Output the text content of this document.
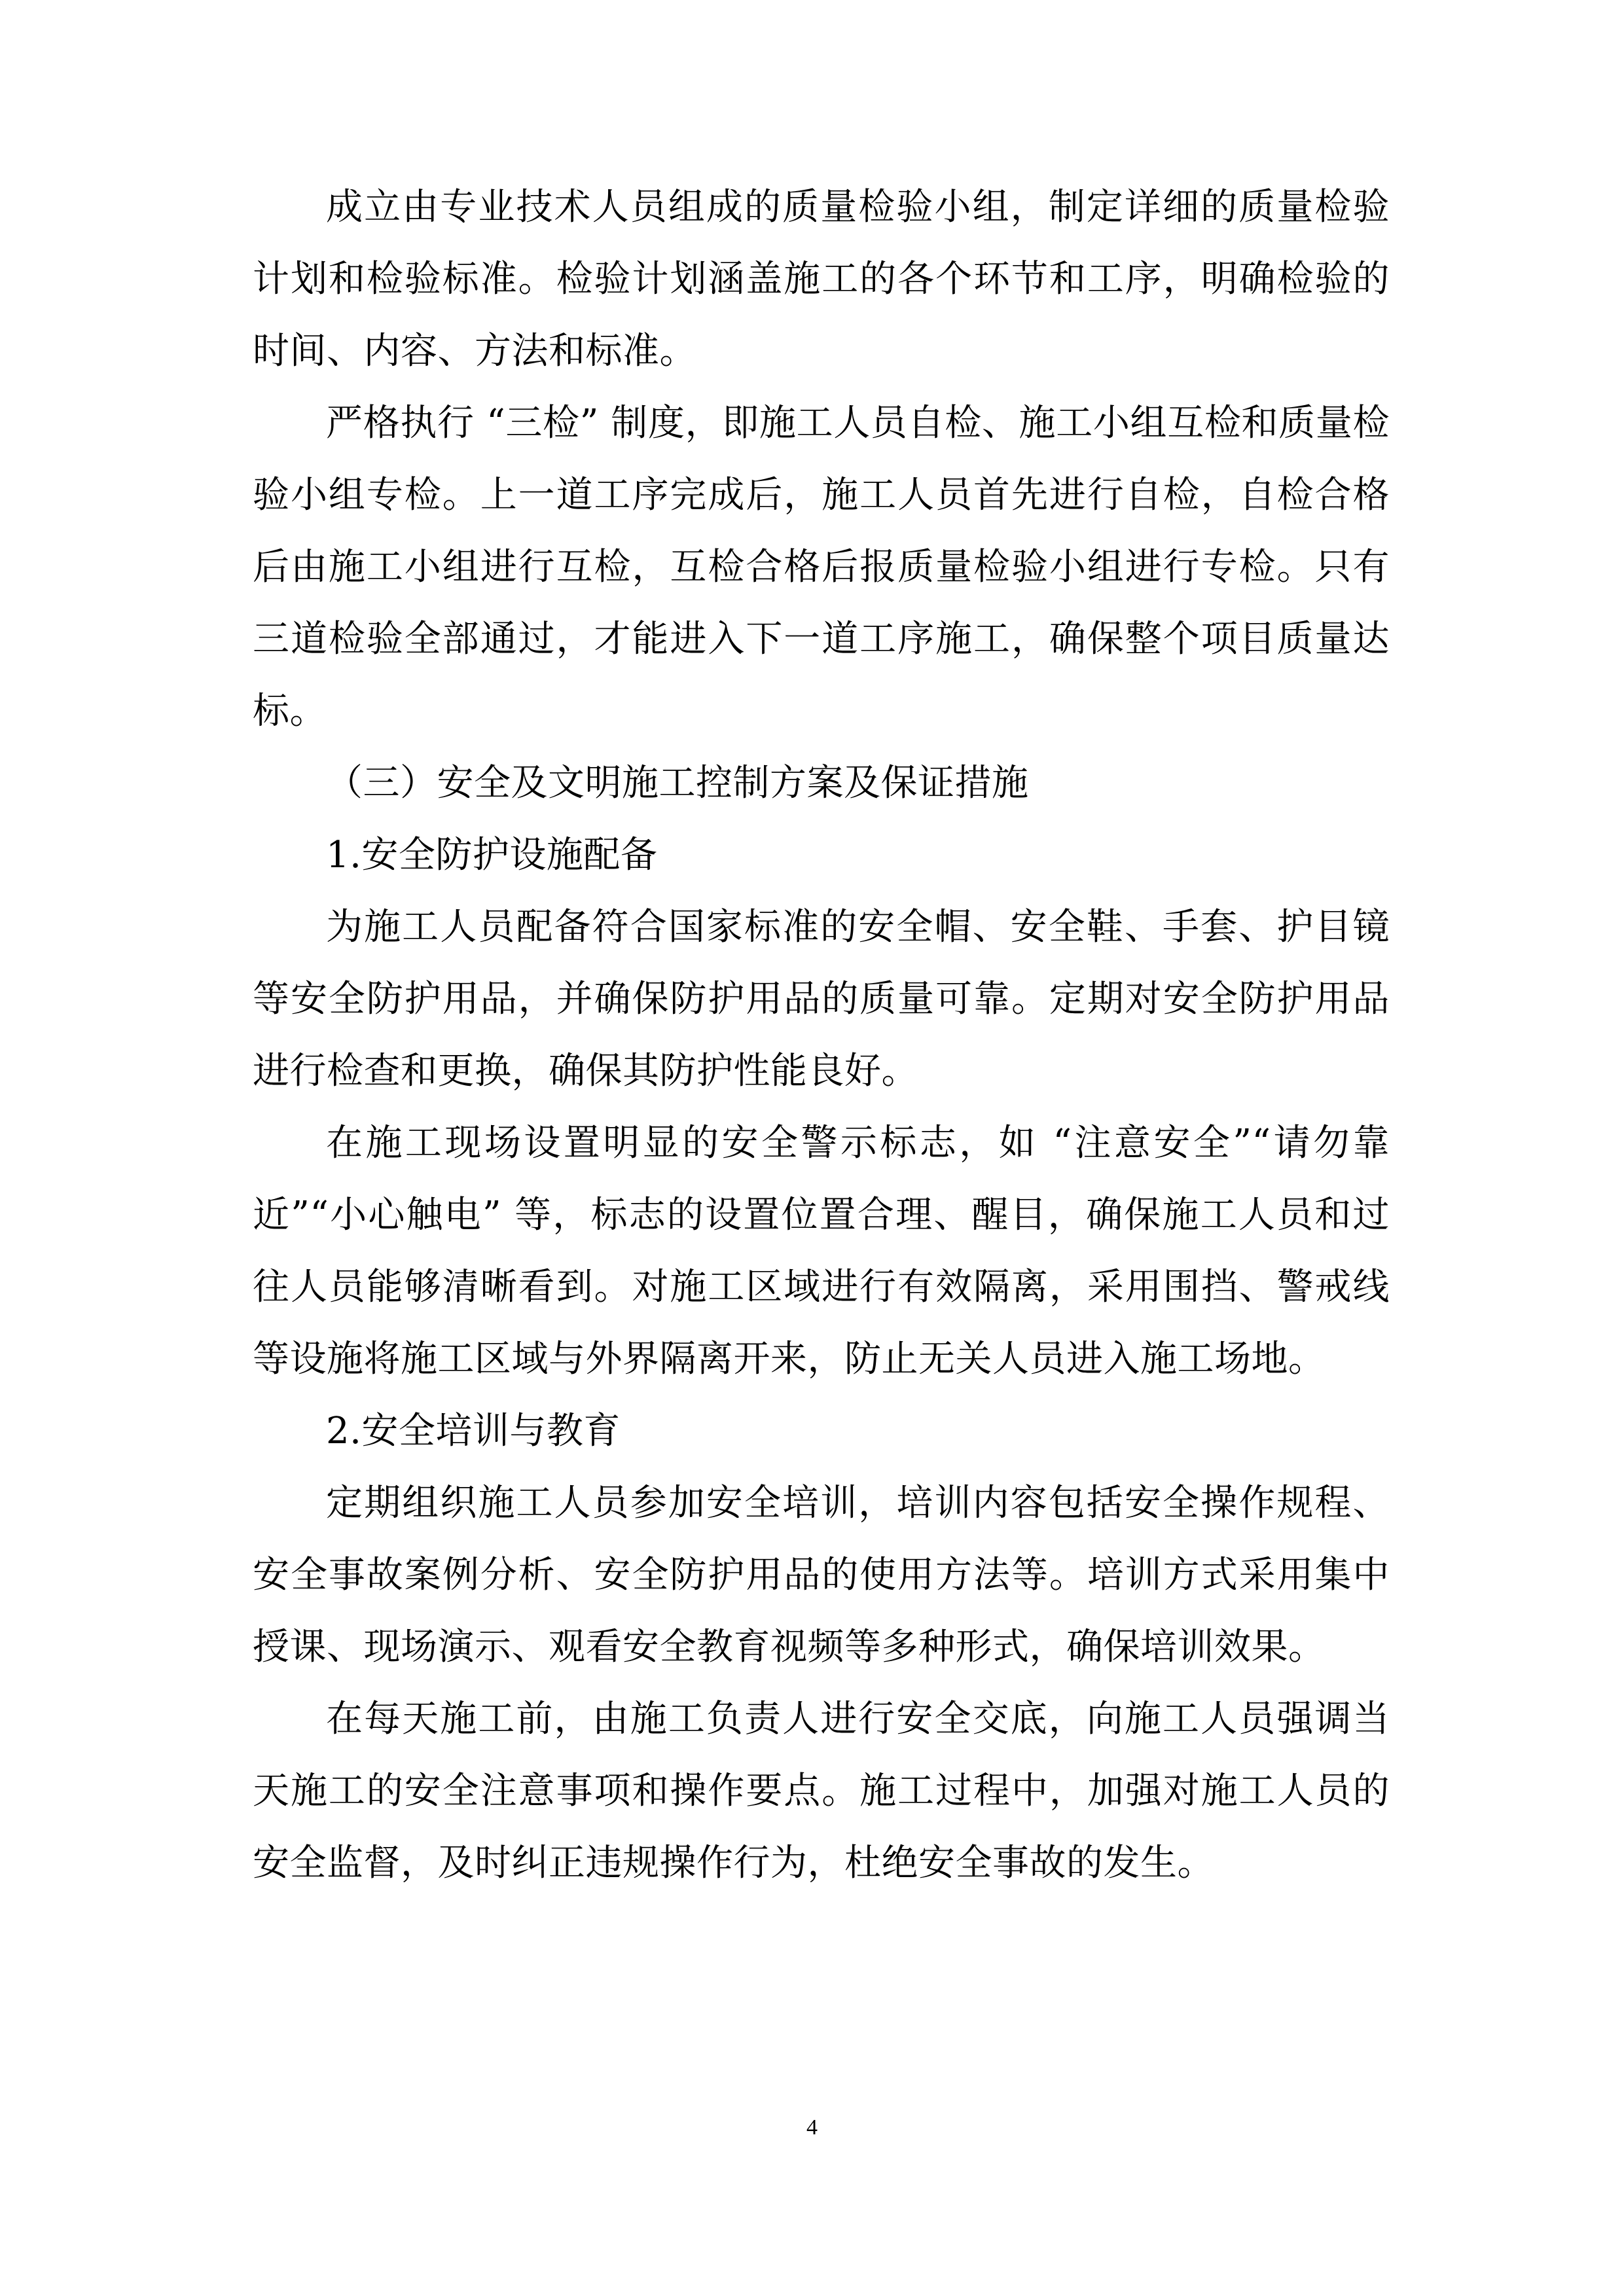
成立由专业技术人员组成的质量检验小组，制定详细的质量检验计划和检验标准。检验计划涵盖施工的各个环节和工序，明确检验的时间、内容、方法和标准。

严格执行 “三检” 制度，即施工人员自检、施工小组互检和质量检验小组专检。上一道工序完成后，施工人员首先进行自检，自检合格后由施工小组进行互检，互检合格后报质量检验小组进行专检。只有三道检验全部通过，才能进入下一道工序施工，确保整个项目质量达标。

（三）安全及文明施工控制方案及保证措施

1.安全防护设施配备

为施工人员配备符合国家标准的安全帽、安全鞋、手套、护目镜等安全防护用品，并确保防护用品的质量可靠。定期对安全防护用品进行检查和更换，确保其防护性能良好。

在施工现场设置明显的安全警示标志，如 “注意安全”“请勿靠近”“小心触电” 等，标志的设置位置合理、醒目，确保施工人员和过往人员能够清晰看到。对施工区域进行有效隔离，采用围挡、警戒线等设施将施工区域与外界隔离开来，防止无关人员进入施工场地。

2.安全培训与教育

定期组织施工人员参加安全培训，培训内容包括安全操作规程、安全事故案例分析、安全防护用品的使用方法等。培训方式采用集中授课、现场演示、观看安全教育视频等多种形式，确保培训效果。

在每天施工前，由施工负责人进行安全交底，向施工人员强调当天施工的安全注意事项和操作要点。施工过程中，加强对施工人员的安全监督，及时纠正违规操作行为，杜绝安全事故的发生。

4
